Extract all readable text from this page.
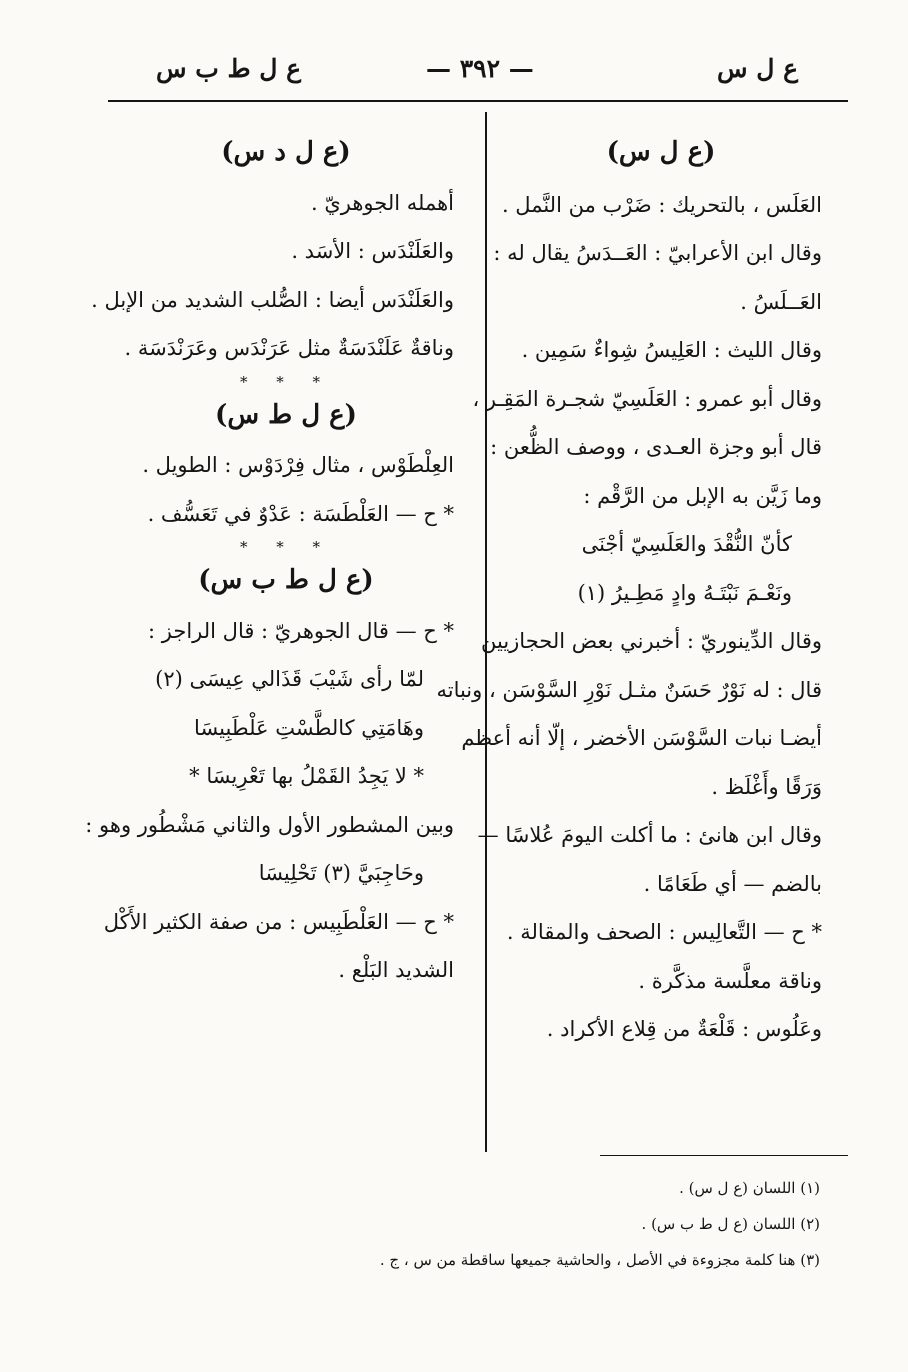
ع ل س
— ٣٩٢ —
ع ل ط ب س

(ع ل س)

العَلَس ، بالتحريك : ضَرْب من النَّمل .

وقال ابن الأعرابيّ : العَــدَسُ يقال له :

العَــلَسُ .

وقال الليث : العَلِيسُ شِواءٌ سَمِين .

وقال أبو عمرو : العَلَسِيّ شجـرة المَقِـر ،

قال أبو وجزة العـدى ، ووصف الظُّعن :

وما زَيَّن به الإبل من الرَّقْم :

كأنّ النُّقْدَ والعَلَسِيّ أجْنَى

ونَعْـمَ نَبْتَـهُ وادٍ مَطِـيرُ (١)

وقال الدِّينوريّ : أخبرني بعض الحجازيين

قال : له نَوْرٌ حَسَنٌ مثـل نَوْرِ السَّوْسَن ، ونباته

أيضـا نبات السَّوْسَن الأخضر ، إلّا أنه أعظم

وَرَقًا وأَغْلَظ .

وقال ابن هانئ : ما أكلت اليومَ عُلاسًا —

بالضم — أي طَعَامًا .

* ح — التَّعالِيس : الصحف والمقالة .

وناقة معلَّسة مذكَّرة .

وعَلُوس : قَلْعَةٌ من قِلاع الأكراد .

(ع ل د س)

أهمله الجوهريّ .

والعَلَنْدَس : الأسَد .

والعَلَنْدَس أيضا : الصُّلب الشديد من الإبل .

وناقةٌ عَلَنْدَسَةٌ مثل عَرَنْدَس وعَرَنْدَسَة .

* * *

(ع ل ط س)

العِلْطَوْس ، مثال فِرْدَوْس : الطويل .

* ح — العَلْطَسَة : عَدْوٌ في تَعَسُّف .

* * *

(ع ل ط ب س)

* ح — قال الجوهريّ : قال الراجز :

لمّا رأى شَيْبَ قَذَالي عِيسَى (٢)

وهَامَتِي كالطَّسْتِ عَلْطَبِيسَا

* لا يَجِدُ القَمْلُ بها تَعْرِيسَا *

وبين المشطور الأول والثاني مَشْطُور وهو :

وحَاجِبَيَّ (٣) تَحْلِيسَا

* ح — العَلْطَبِيس : من صفة الكثير الأَكْل

الشديد البَلْع .

(١) اللسان (ع ل س) .

(٢) اللسان (ع ل ط ب س) .

(٣) هنا كلمة مجزوءة في الأصل ، والحاشية جميعها ساقطة من س ، ج .
